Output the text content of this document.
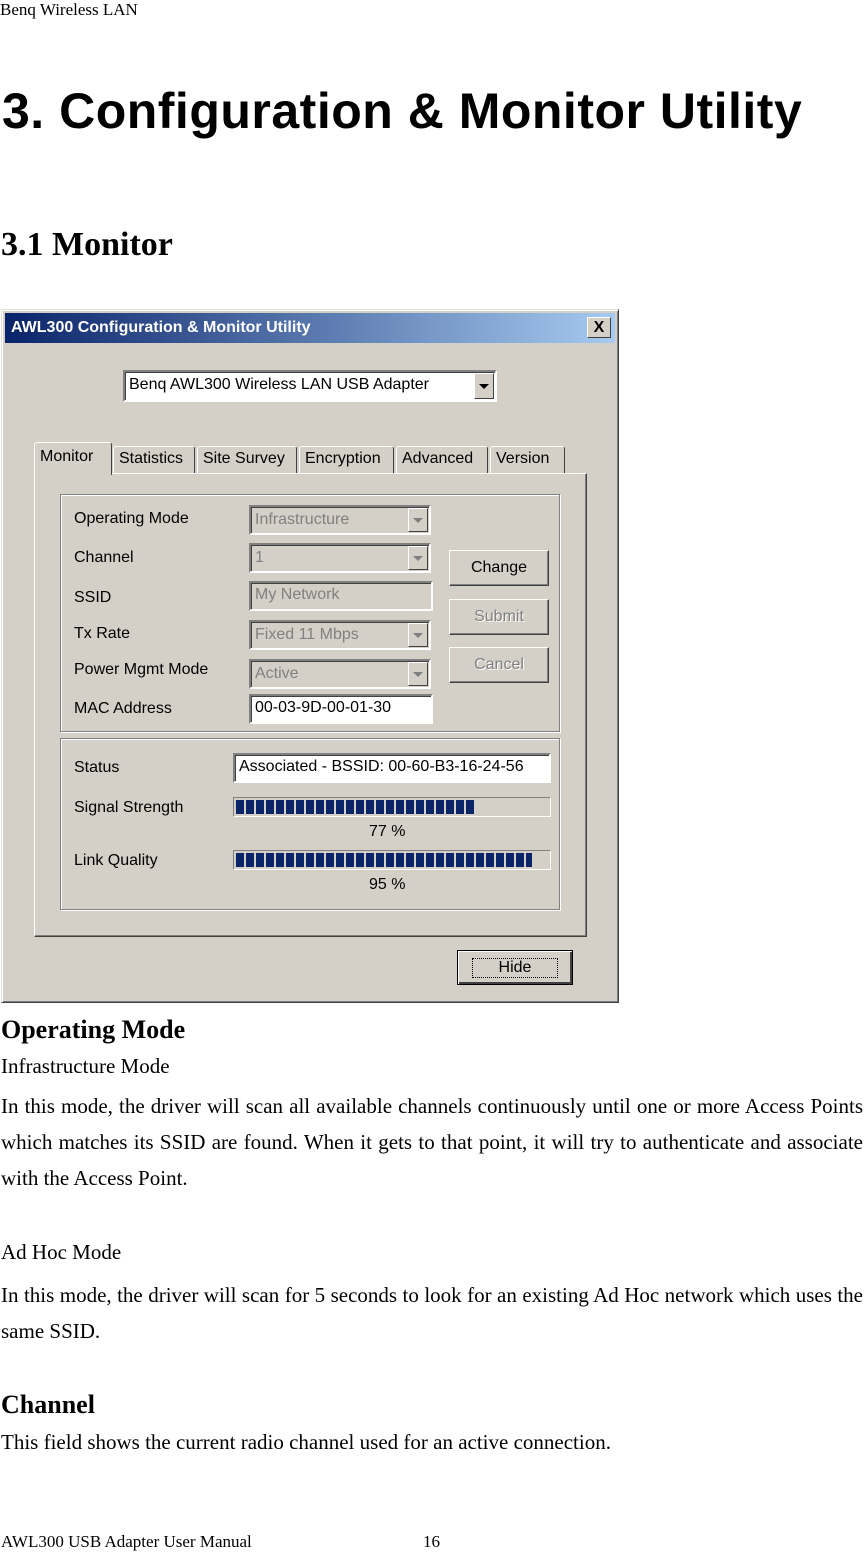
Benq Wireless LAN
3. Configuration & Monitor Utility
3.1 Monitor
AWL300 Configuration & Monitor Utility	X
Benq AWL300 Wireless LAN USB Adapter
Monitor	Statistics	Site Survey	Encryption	Advanced	Version
Operating Mode	Infrastructure
Channel	1
SSID	My Network
Tx Rate	Fixed 11 Mbps
Power Mgmt Mode	Active
MAC Address	00-03-9D-00-01-30
Change
Submit
Cancel
Status	Associated - BSSID: 00-60-B3-16-24-56
Signal Strength
77 %
Link Quality
95 %
Hide
Operating Mode
Infrastructure Mode
In this mode, the driver will scan all available channels continuously until one or more Access Points which matches its SSID are found. When it gets to that point, it will try to authenticate and associate with the Access Point.
Ad Hoc Mode
In this mode, the driver will scan for 5 seconds to look for an existing Ad Hoc network which uses the same SSID.
Channel
This field shows the current radio channel used for an active connection.
AWL300 USB Adapter User Manual	16
